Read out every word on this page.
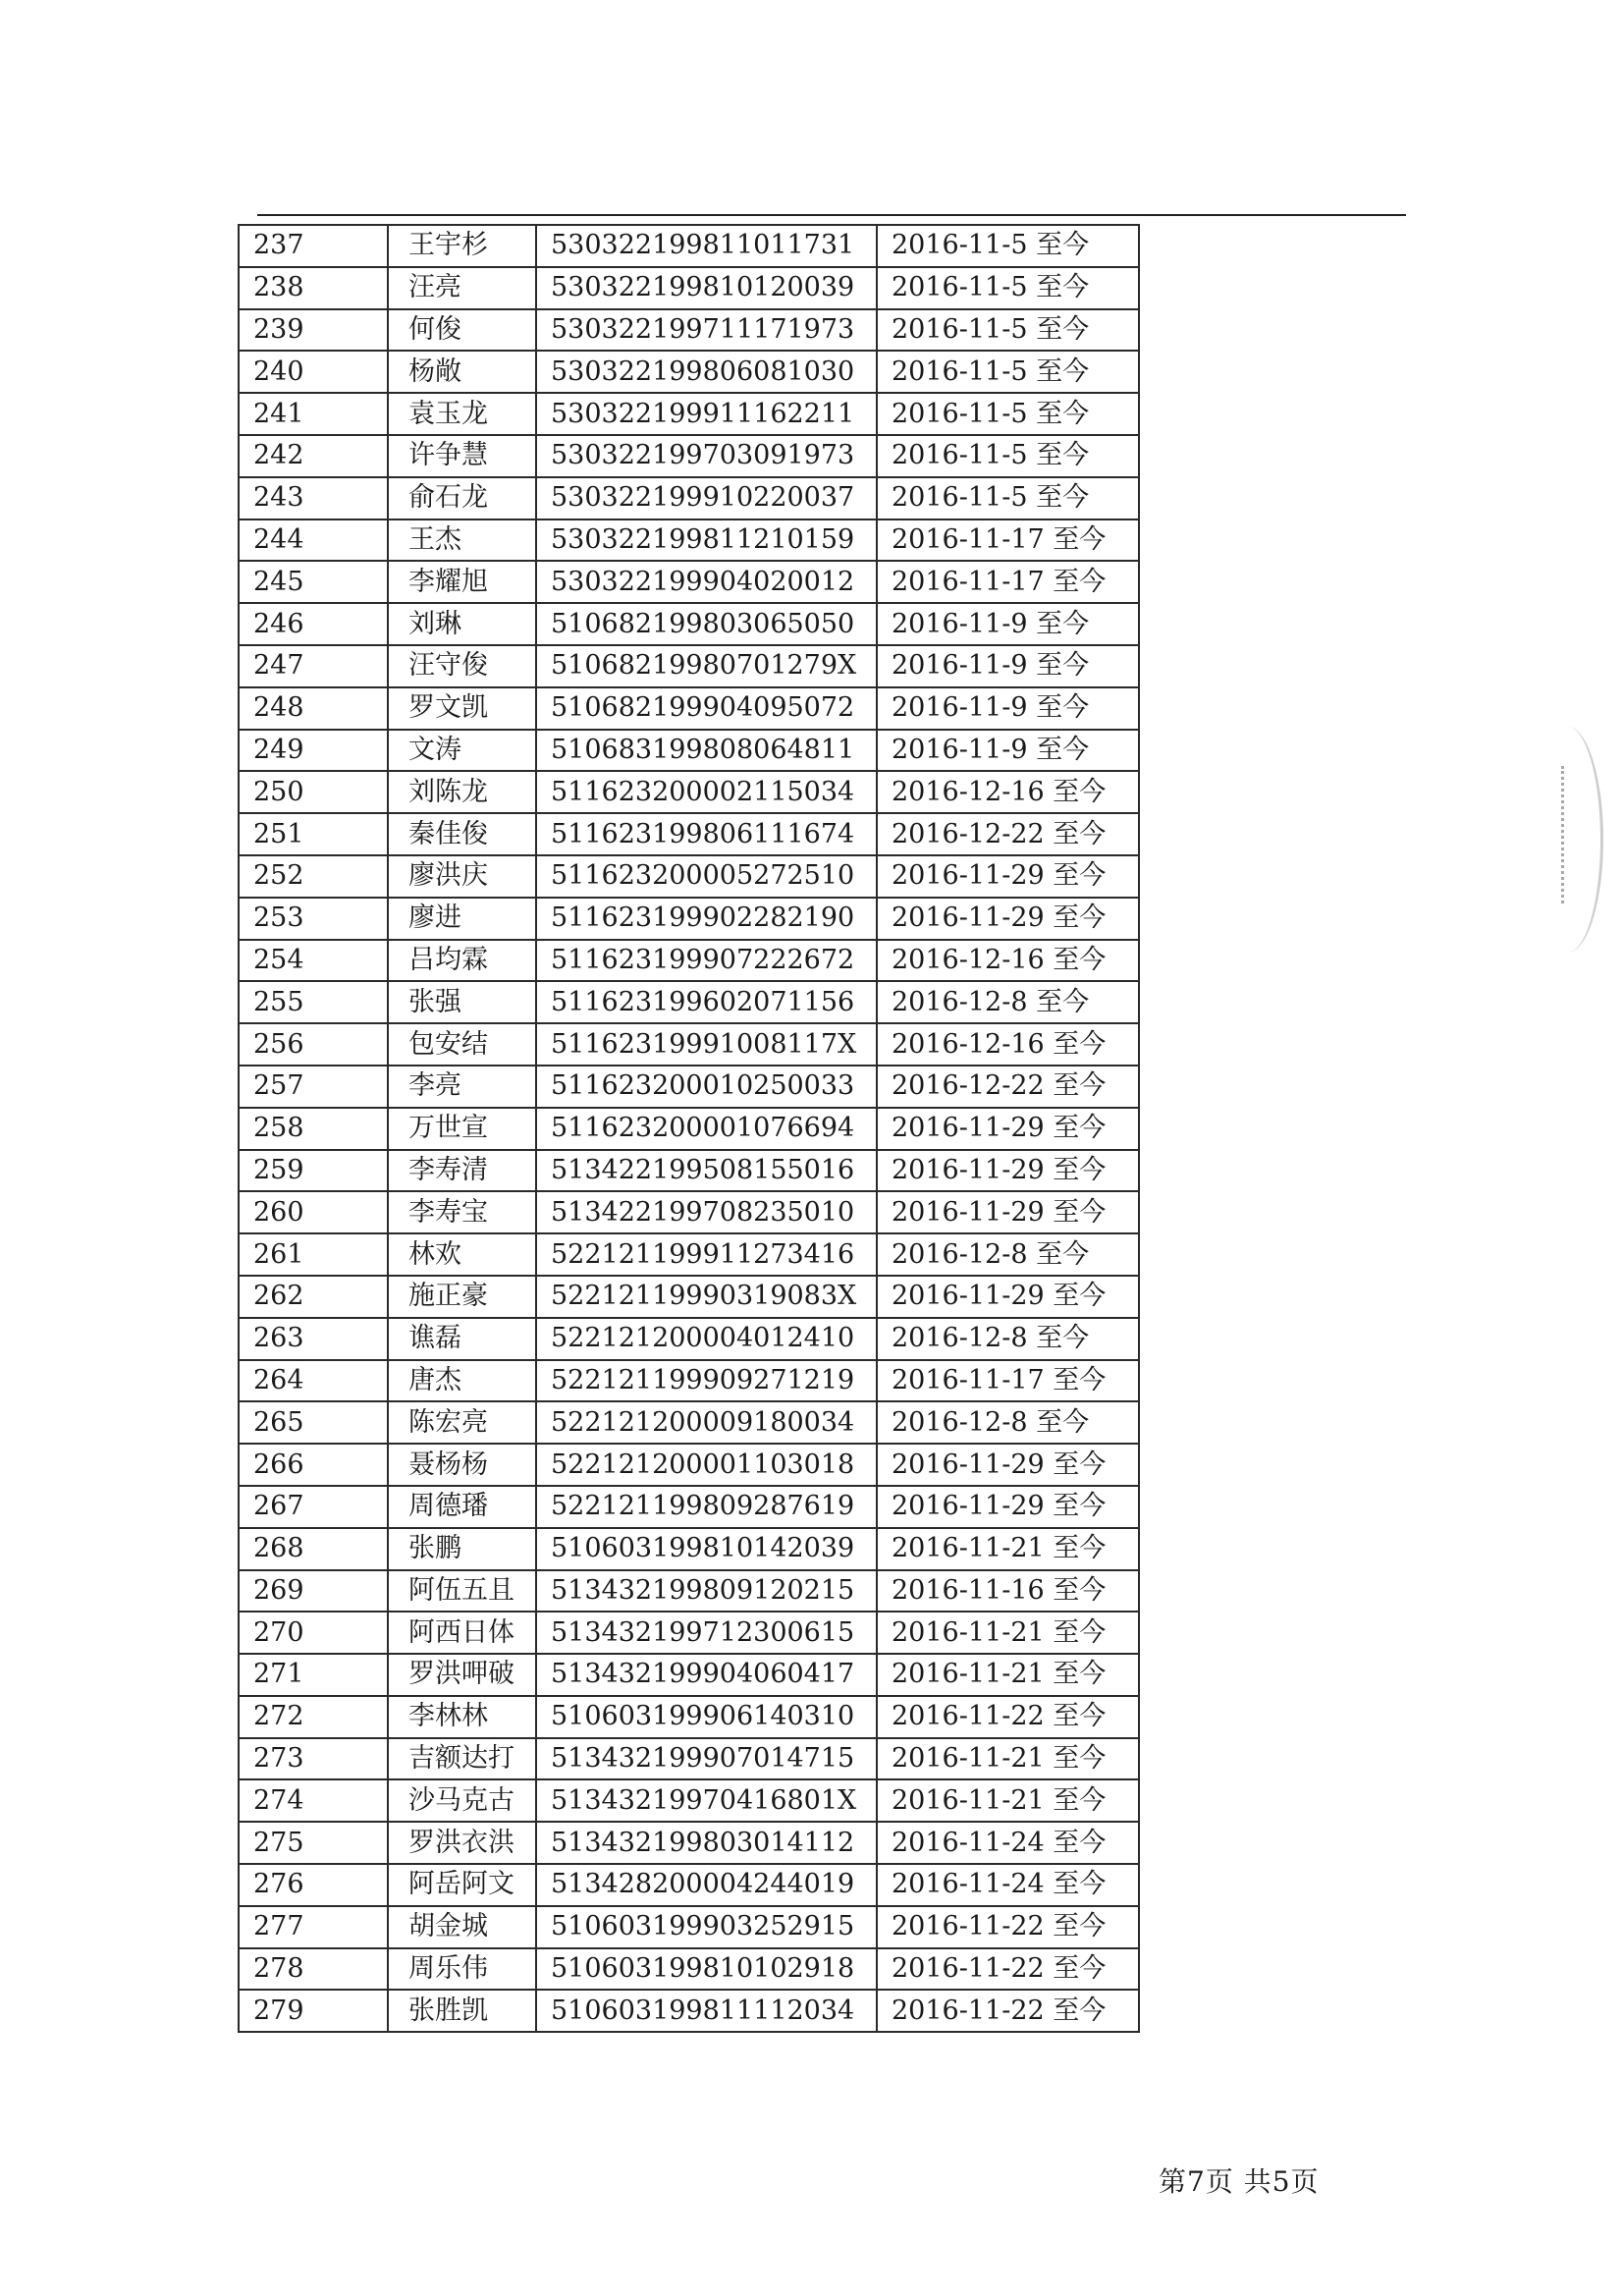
237	王宇杉	530322199811011731	2016-11-5 至今
238	汪亮	530322199810120039	2016-11-5 至今
239	何俊	530322199711171973	2016-11-5 至今
240	杨敞	530322199806081030	2016-11-5 至今
241	袁玉龙	530322199911162211	2016-11-5 至今
242	许争慧	530322199703091973	2016-11-5 至今
243	俞石龙	530322199910220037	2016-11-5 至今
244	王杰	530322199811210159	2016-11-17 至今
245	李耀旭	530322199904020012	2016-11-17 至今
246	刘琳	510682199803065050	2016-11-9 至今
247	汪守俊	51068219980701279X	2016-11-9 至今
248	罗文凯	510682199904095072	2016-11-9 至今
249	文涛	510683199808064811	2016-11-9 至今
250	刘陈龙	511623200002115034	2016-12-16 至今
251	秦佳俊	511623199806111674	2016-12-22 至今
252	廖洪庆	511623200005272510	2016-11-29 至今
253	廖进	511623199902282190	2016-11-29 至今
254	吕均霖	511623199907222672	2016-12-16 至今
255	张强	511623199602071156	2016-12-8 至今
256	包安结	51162319991008117X	2016-12-16 至今
257	李亮	511623200010250033	2016-12-22 至今
258	万世宣	511623200001076694	2016-11-29 至今
259	李寿清	513422199508155016	2016-11-29 至今
260	李寿宝	513422199708235010	2016-11-29 至今
261	林欢	522121199911273416	2016-12-8 至今
262	施正豪	52212119990319083X	2016-11-29 至今
263	谯磊	522121200004012410	2016-12-8 至今
264	唐杰	522121199909271219	2016-11-17 至今
265	陈宏亮	522121200009180034	2016-12-8 至今
266	聂杨杨	522121200001103018	2016-11-29 至今
267	周德璠	522121199809287619	2016-11-29 至今
268	张鹏	510603199810142039	2016-11-21 至今
269	阿伍五且	513432199809120215	2016-11-16 至今
270	阿西日体	513432199712300615	2016-11-21 至今
271	罗洪呷破	513432199904060417	2016-11-21 至今
272	李林林	510603199906140310	2016-11-22 至今
273	吉额达打	513432199907014715	2016-11-21 至今
274	沙马克古	51343219970416801X	2016-11-21 至今
275	罗洪衣洪	513432199803014112	2016-11-24 至今
276	阿岳阿文	513428200004244019	2016-11-24 至今
277	胡金城	510603199903252915	2016-11-22 至今
278	周乐伟	510603199810102918	2016-11-22 至今
279	张胜凯	510603199811112034	2016-11-22 至今
第7页 共5页
